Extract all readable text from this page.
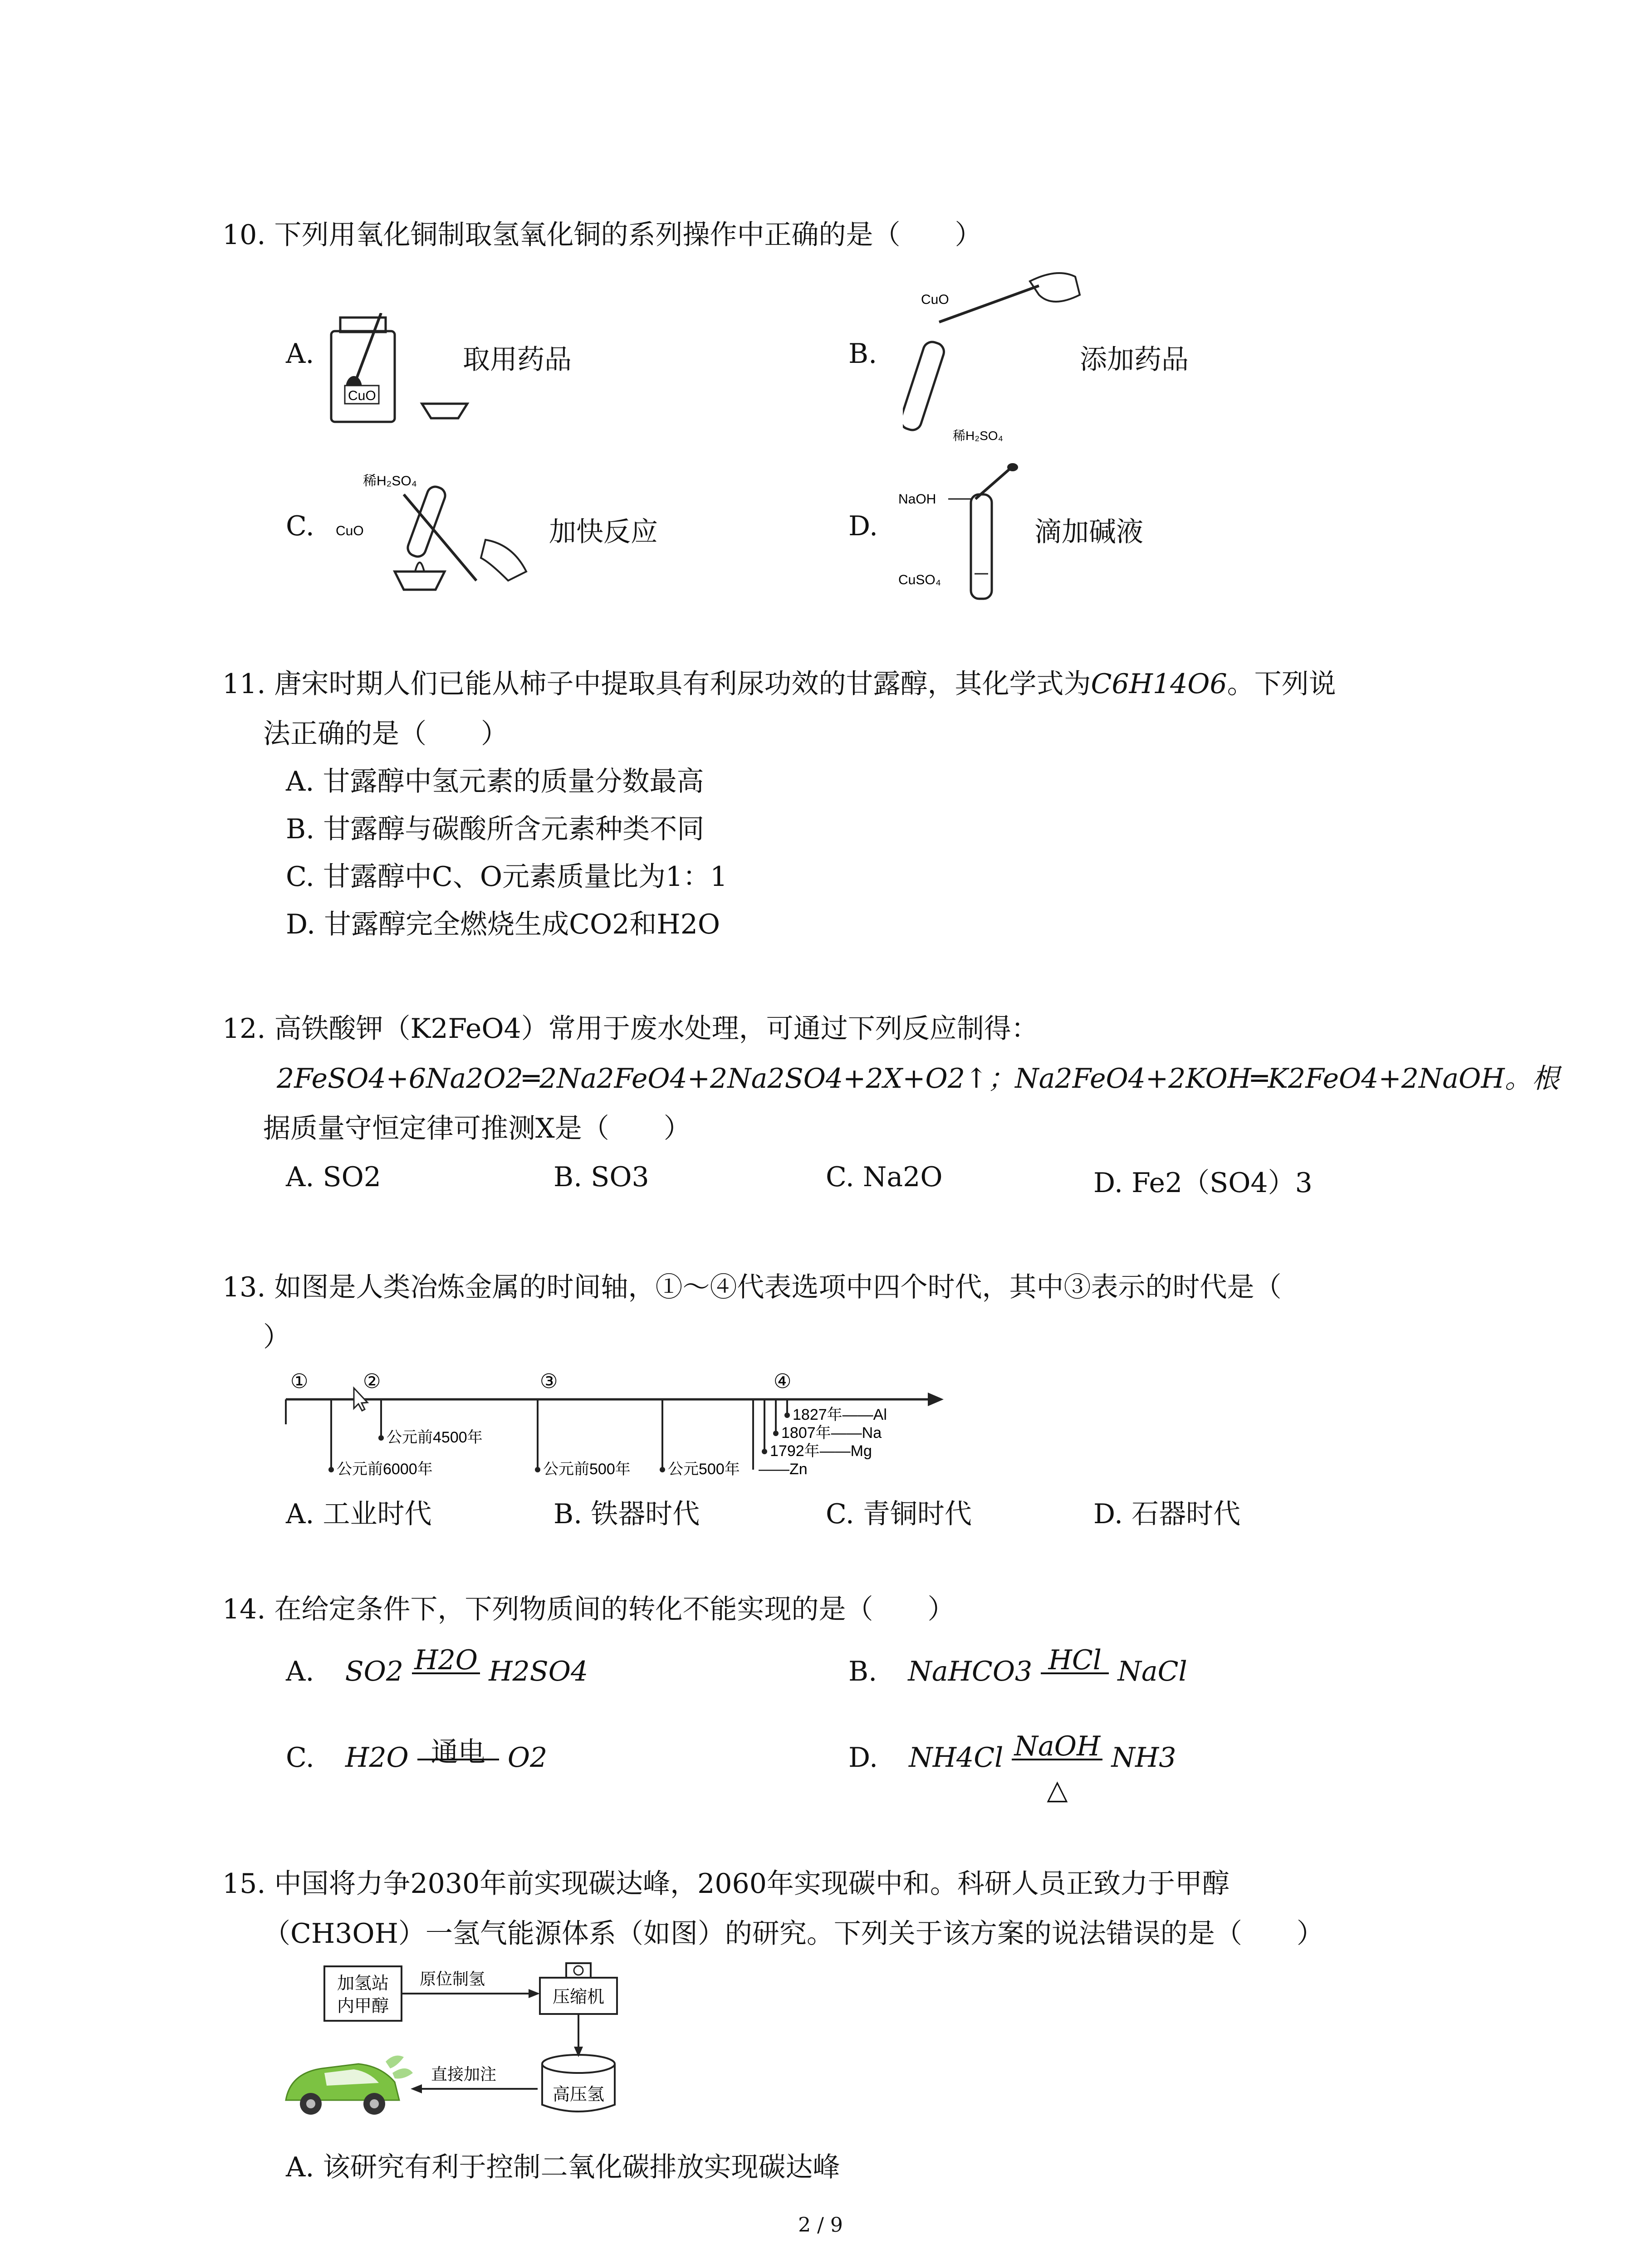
10. 下列用氧化铜制取氢氧化铜的系列操作中正确的是（　　）
A.
CuO
取用药品	B.
CuO
稀H₂SO₄
添加药品
C.
稀H₂SO₄
CuO	加快反应	D.
NaOH
CuSO₄
滴加碱液
11. 唐宋时期人们已能从柿子中提取具有利尿功效的甘露醇，其化学式为C6H14O6。下列说
法正确的是（　　）
A. 甘露醇中氢元素的质量分数最高
B. 甘露醇与碳酸所含元素种类不同
C. 甘露醇中C、O元素质量比为1：1
D. 甘露醇完全燃烧生成CO2和H2O
12. 高铁酸钾（K2FeO4）常用于废水处理，可通过下列反应制得：
2FeSO4+6Na2O2═2Na2FeO4+2Na2SO4+2X+O2↑；Na2FeO4+2KOH═K2FeO4+2NaOH。根
据质量守恒定律可推测X是（　　）
A. SO2	B. SO3	C. Na2O	D. Fe2（SO4）3
13. 如图是人类冶炼金属的时间轴，①～④代表选项中四个时代，其中③表示的时代是（
）
①	②	③	④
公元前6000年
公元前4500年
公元前500年 公元500年 ——Zn
1792年——Mg
1807年——Na
1827年——Al
A. 工业时代	B. 铁器时代	C. 青铜时代	D. 石器时代
14. 在给定条件下，下列物质间的转化不能实现的是（　　）
A. SO2 H2O H2SO4	B. NaHCO3 HCl NaCl
C. H2O 通电 O2	D. NH4Cl NaOH
△
NH3
15. 中国将力争2030年前实现碳达峰，2060年实现碳中和。科研人员正致力于甲醇
（CH3OH）一氢气能源体系（如图）的研究。下列关于该方案的说法错误的是（　　）
加氢站
内甲醇
原位制氢
压缩机
高压氢
直接加注
A. 该研究有利于控制二氧化碳排放实现碳达峰
2 / 9
